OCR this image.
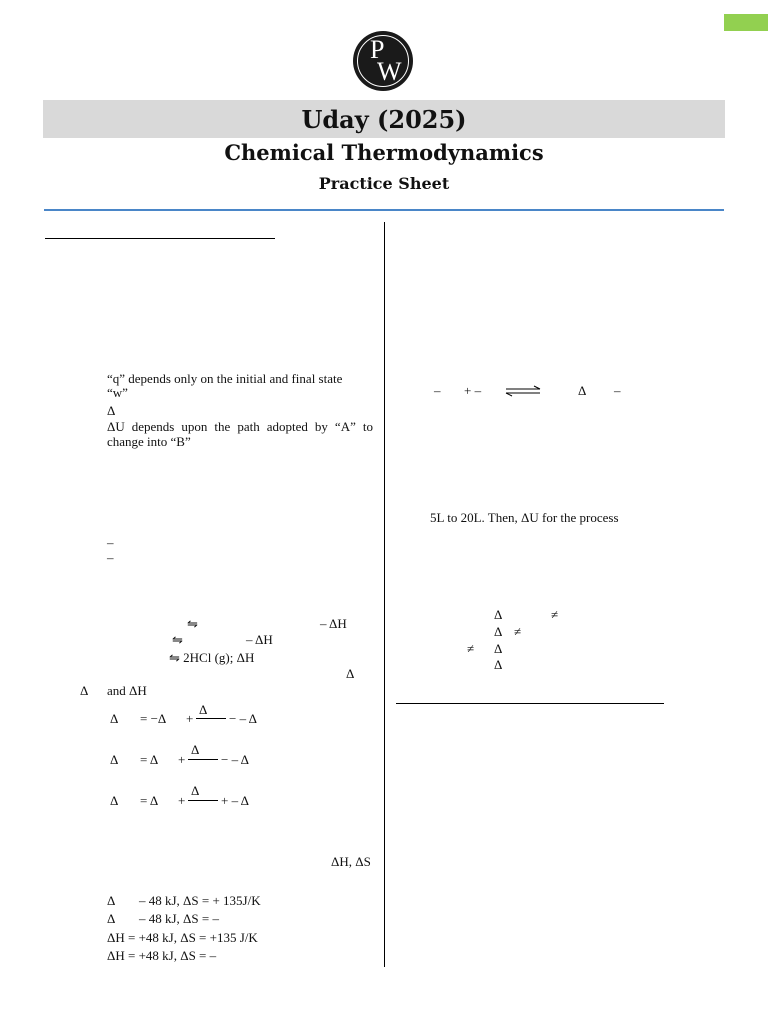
P
W
Uday (2025)
Chemical Thermodynamics
Practice Sheet
“q” depends only on the initial and final state
“w”
Δ
ΔU depends upon the path adopted by “A” to change into “B”
–
–
⇋	– ΔH
⇋	– ΔH
⇋ 2HCl (g); ΔH
Δ
Δ and ΔH
Δ = −Δ +
Δ
− – Δ
Δ = Δ +
Δ
− – Δ
Δ = Δ +
Δ
+ – Δ
ΔH, ΔS
Δ – 48 kJ, ΔS = + 135J/K
Δ – 48 kJ, ΔS = –
ΔH = +48 kJ, ΔS = +135 J/K
ΔH = +48 kJ, ΔS = –
– + – ⇌	Δ –
5L to 20L. Then, ΔU for the process
Δ	≠
Δ ≠
≠ Δ
Δ
